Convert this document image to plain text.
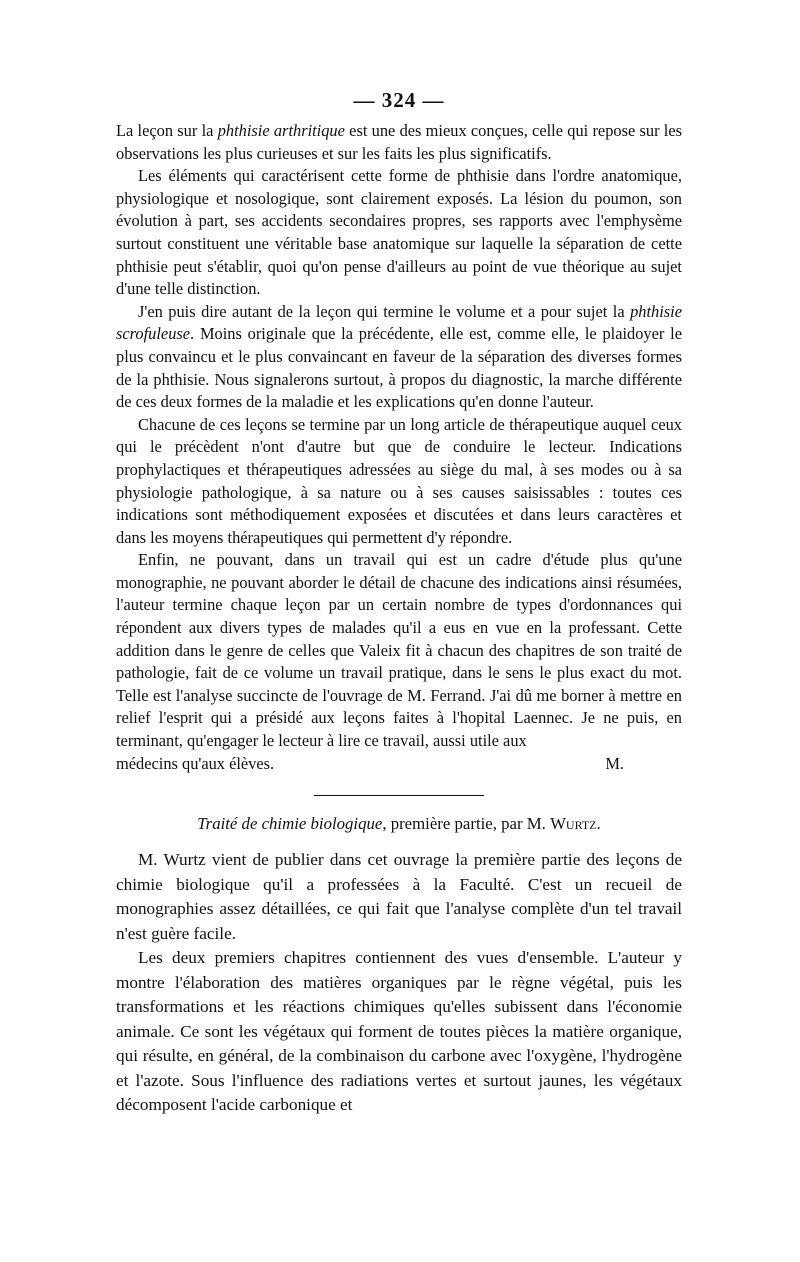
— 324 —

La leçon sur la phthisie arthritique est une des mieux conçues, celle qui repose sur les observations les plus curieuses et sur les faits les plus significatifs.

Les éléments qui caractérisent cette forme de phthisie dans l'ordre anatomique, physiologique et nosologique, sont clairement exposés. La lésion du poumon, son évolution à part, ses accidents secondaires propres, ses rapports avec l'emphysème surtout constituent une véritable base anatomique sur laquelle la séparation de cette phthisie peut s'établir, quoi qu'on pense d'ailleurs au point de vue théorique au sujet d'une telle distinction.

J'en puis dire autant de la leçon qui termine le volume et a pour sujet la phthisie scrofuleuse. Moins originale que la précédente, elle est, comme elle, le plaidoyer le plus convaincu et le plus convaincant en faveur de la séparation des diverses formes de la phthisie. Nous signalerons surtout, à propos du diagnostic, la marche différente de ces deux formes de la maladie et les explications qu'en donne l'auteur.

Chacune de ces leçons se termine par un long article de thérapeutique auquel ceux qui le précèdent n'ont d'autre but que de conduire le lecteur. Indications prophylactiques et thérapeutiques adressées au siège du mal, à ses modes ou à sa physiologie pathologique, à sa nature ou à ses causes saisissables : toutes ces indications sont méthodiquement exposées et discutées et dans leurs caractères et dans les moyens thérapeutiques qui permettent d'y répondre.

Enfin, ne pouvant, dans un travail qui est un cadre d'étude plus qu'une monographie, ne pouvant aborder le détail de chacune des indications ainsi résumées, l'auteur termine chaque leçon par un certain nombre de types d'ordonnances qui répondent aux divers types de malades qu'il a eus en vue en la professant. Cette addition dans le genre de celles que Valeix fit à chacun des chapitres de son traité de pathologie, fait de ce volume un travail pratique, dans le sens le plus exact du mot. Telle est l'analyse succincte de l'ouvrage de M. Ferrand. J'ai dû me borner à mettre en relief l'esprit qui a présidé aux leçons faites à l'hopital Laennec. Je ne puis, en terminant, qu'engager le lecteur à lire ce travail, aussi utile aux

médecins qu'aux élèves.	M.
Traité de chimie biologique, première partie, par M. Wurtz.

M. Wurtz vient de publier dans cet ouvrage la première partie des leçons de chimie biologique qu'il a professées à la Faculté. C'est un recueil de monographies assez détaillées, ce qui fait que l'analyse complète d'un tel travail n'est guère facile.

Les deux premiers chapitres contiennent des vues d'ensemble. L'auteur y montre l'élaboration des matières organiques par le règne végétal, puis les transformations et les réactions chimiques qu'elles subissent dans l'économie animale. Ce sont les végétaux qui forment de toutes pièces la matière organique, qui résulte, en général, de la combinaison du carbone avec l'oxygène, l'hydrogène et l'azote. Sous l'influence des radiations vertes et surtout jaunes, les végétaux décomposent l'acide carbonique et
